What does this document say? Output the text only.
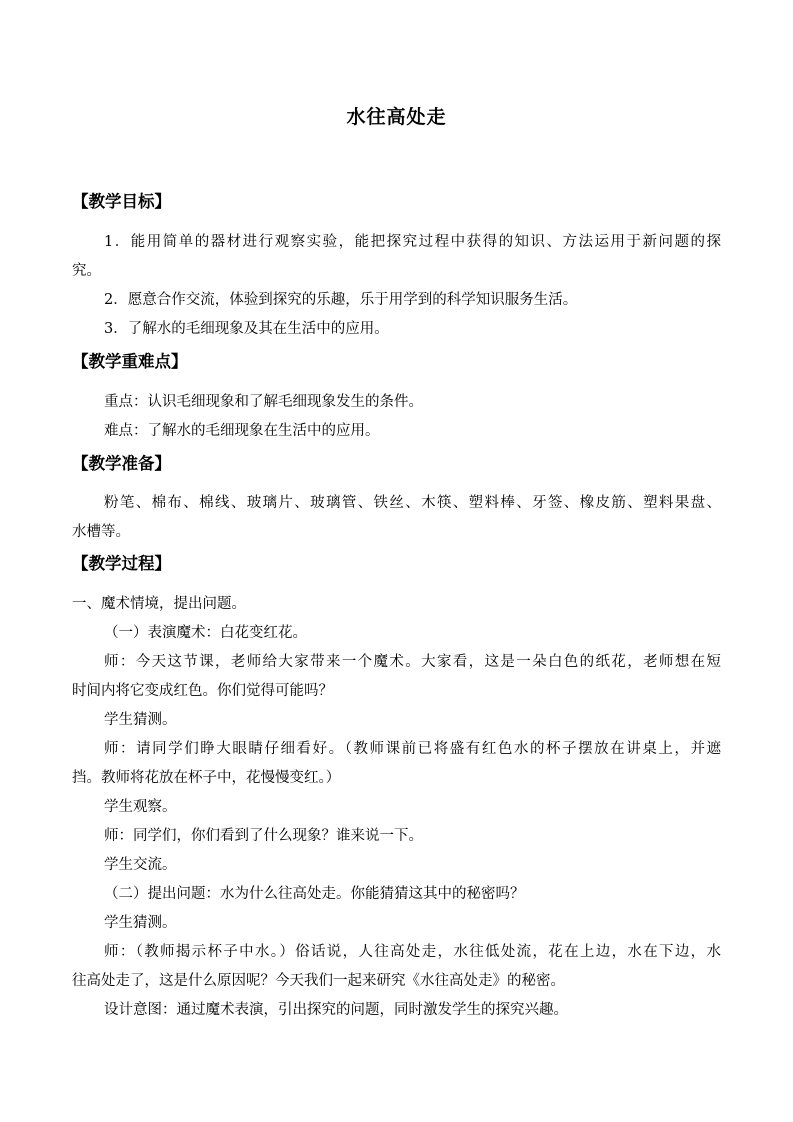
水往高处走
【教学目标】
1．能用简单的器材进行观察实验，能把探究过程中获得的知识、方法运用于新问题的探
究。
2．愿意合作交流，体验到探究的乐趣，乐于用学到的科学知识服务生活。
3．了解水的毛细现象及其在生活中的应用。
【教学重难点】
重点：认识毛细现象和了解毛细现象发生的条件。
难点：了解水的毛细现象在生活中的应用。
【教学准备】
粉笔、棉布、棉线、玻璃片、玻璃管、铁丝、木筷、塑料棒、牙签、橡皮筋、塑料果盘、
水槽等。
【教学过程】
一、魔术情境，提出问题。
（一）表演魔术：白花变红花。
师：今天这节课，老师给大家带来一个魔术。大家看，这是一朵白色的纸花，老师想在短
时间内将它变成红色。你们觉得可能吗？
学生猜测。
师：请同学们睁大眼睛仔细看好。（教师课前已将盛有红色水的杯子摆放在讲桌上，并遮
挡。教师将花放在杯子中，花慢慢变红。）
学生观察。
师：同学们，你们看到了什么现象？谁来说一下。
学生交流。
（二）提出问题：水为什么往高处走。你能猜猜这其中的秘密吗？
学生猜测。
师：（教师揭示杯子中水。）俗话说，人往高处走，水往低处流，花在上边，水在下边，水
往高处走了，这是什么原因呢？今天我们一起来研究《水往高处走》的秘密。
设计意图：通过魔术表演，引出探究的问题，同时激发学生的探究兴趣。
